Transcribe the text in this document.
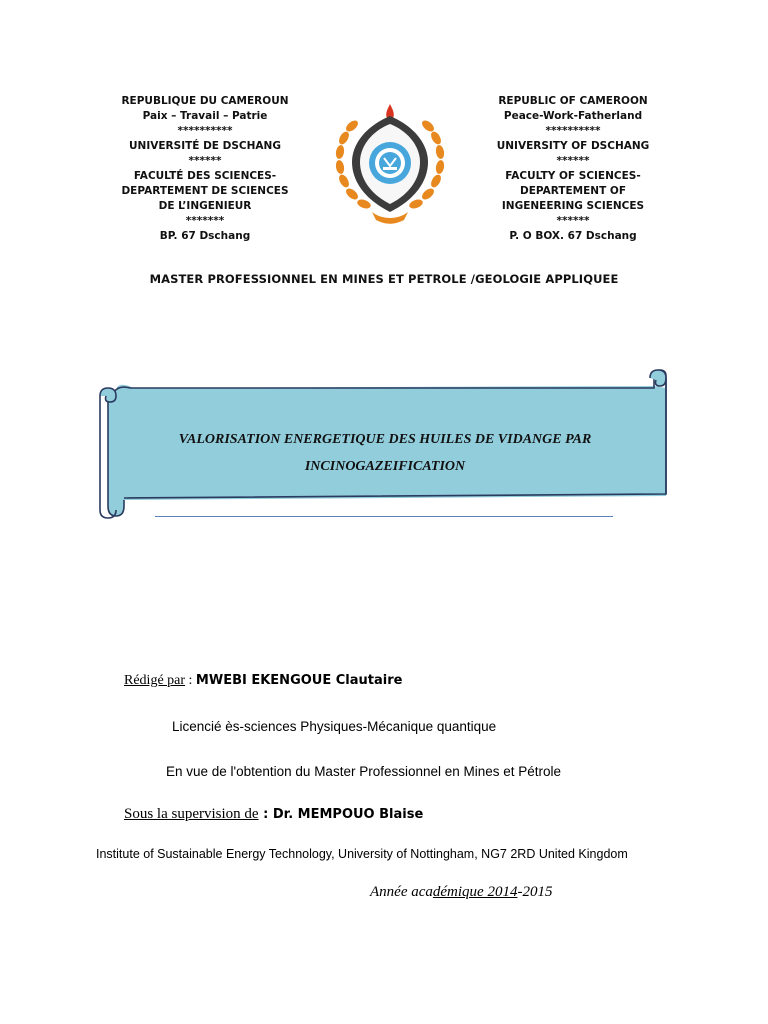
REPUBLIQUE DU CAMEROUN
Paix – Travail – Patrie
**********
UNIVERSITÉ DE DSCHANG
******
FACULTÉ DES SCIENCES-
DEPARTEMENT DE SCIENCES
DE L’INGENIEUR
*******
BP. 67 Dschang
REPUBLIC OF CAMEROON
Peace-Work-Fatherland
**********
UNIVERSITY OF DSCHANG
******
FACULTY OF SCIENCES-
DEPARTEMENT OF
INGENEERING SCIENCES
******
P. O BOX. 67 Dschang
MASTER PROFESSIONNEL EN MINES ET PETROLE /GEOLOGIE APPLIQUEE
VALORISATION ENERGETIQUE DES HUILES DE VIDANGE PAR
INCINOGAZEIFICATION
Rédigé par : MWEBI EKENGOUE Clautaire
Licencié ès-sciences Physiques-Mécanique quantique
En vue de l'obtention du Master Professionnel en Mines et Pétrole
Sous la supervision de : Dr. MEMPOUO Blaise
Institute of Sustainable Energy Technology, University of Nottingham, NG7 2RD United Kingdom
Année académique 2014-2015
